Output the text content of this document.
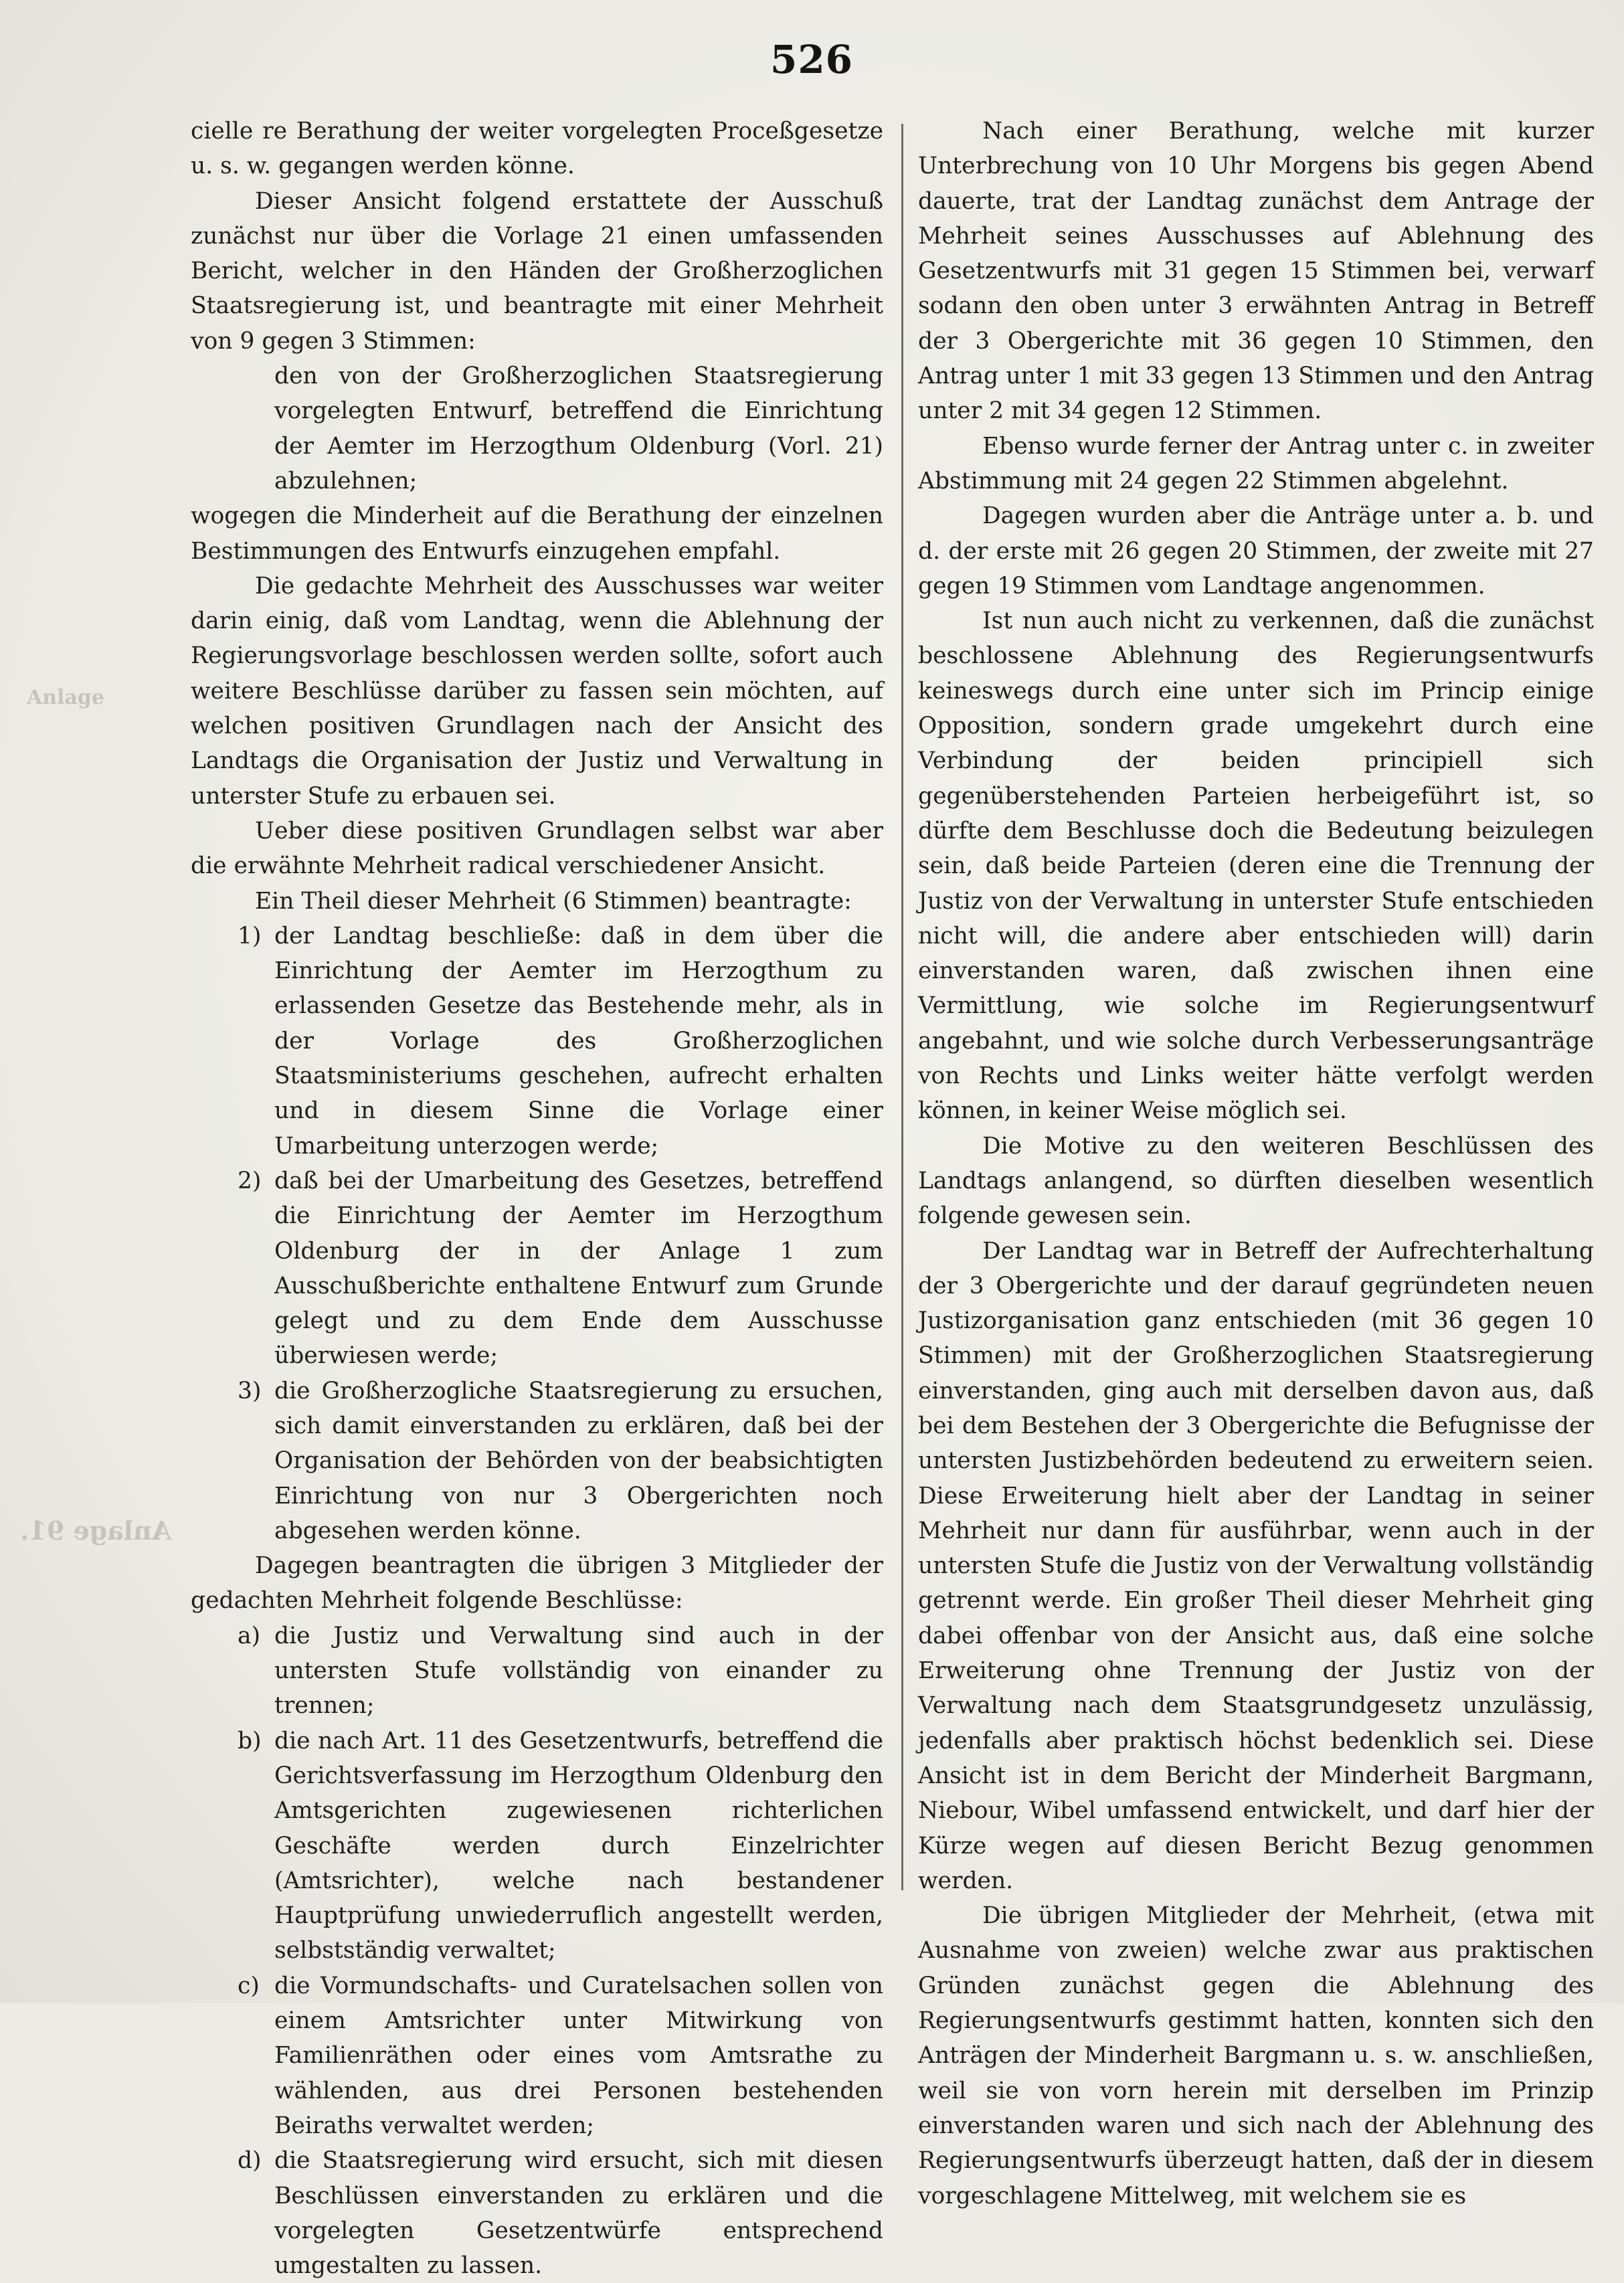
Anlage
Anlage 91.
526

cielle re Berathung der weiter vorgelegten Proceßgesetze u. s. w. gegangen werden könne.

Dieser Ansicht folgend erstattete der Ausschuß zunächst nur über die Vorlage 21 einen umfassenden Bericht, welcher in den Händen der Großherzoglichen Staatsregierung ist, und beantragte mit einer Mehrheit von 9 gegen 3 Stimmen:

den von der Großherzoglichen Staatsregierung vorgelegten Entwurf, betreffend die Einrichtung der Aemter im Herzogthum Oldenburg (Vorl. 21) abzulehnen;

wogegen die Minderheit auf die Berathung der einzelnen Bestimmungen des Entwurfs einzugehen empfahl.

Die gedachte Mehrheit des Ausschusses war weiter darin einig, daß vom Landtag, wenn die Ablehnung der Regierungsvorlage beschlossen werden sollte, sofort auch weitere Beschlüsse darüber zu fassen sein möchten, auf welchen positiven Grundlagen nach der Ansicht des Landtags die Organisation der Justiz und Verwaltung in unterster Stufe zu erbauen sei.

Ueber diese positiven Grundlagen selbst war aber die erwähnte Mehrheit radical verschiedener Ansicht.

Ein Theil dieser Mehrheit (6 Stimmen) beantragte:

1) der Landtag beschließe: daß in dem über die Einrichtung der Aemter im Herzogthum zu erlassenden Gesetze das Bestehende mehr, als in der Vorlage des Großherzoglichen Staatsministeriums geschehen, aufrecht erhalten und in diesem Sinne die Vorlage einer Umarbeitung unterzogen werde;
2) daß bei der Umarbeitung des Gesetzes, betreffend die Einrichtung der Aemter im Herzogthum Oldenburg der in der Anlage 1 zum Ausschußberichte enthaltene Entwurf zum Grunde gelegt und zu dem Ende dem Ausschusse überwiesen werde;
3) die Großherzogliche Staatsregierung zu ersuchen, sich damit einverstanden zu erklären, daß bei der Organisation der Behörden von der beabsichtigten Einrichtung von nur 3 Obergerichten noch abgesehen werden könne.

Dagegen beantragten die übrigen 3 Mitglieder der gedachten Mehrheit folgende Beschlüsse:

a) die Justiz und Verwaltung sind auch in der untersten Stufe vollständig von einander zu trennen;
b) die nach Art. 11 des Gesetzentwurfs, betreffend die Gerichtsverfassung im Herzogthum Oldenburg den Amtsgerichten zugewiesenen richterlichen Geschäfte werden durch Einzelrichter (Amtsrichter), welche nach bestandener Hauptprüfung unwiederruflich angestellt werden, selbstständig verwaltet;
c) die Vormundschafts- und Curatelsachen sollen von einem Amtsrichter unter Mitwirkung von Familienräthen oder eines vom Amtsrathe zu wählenden, aus drei Personen bestehenden Beiraths verwaltet werden;
d) die Staatsregierung wird ersucht, sich mit diesen Beschlüssen einverstanden zu erklären und die vorgelegten Gesetzentwürfe entsprechend umgestalten zu lassen.

Nach einer Berathung, welche mit kurzer Unterbrechung von 10 Uhr Morgens bis gegen Abend dauerte, trat der Landtag zunächst dem Antrage der Mehrheit seines Ausschusses auf Ablehnung des Gesetzentwurfs mit 31 gegen 15 Stimmen bei, verwarf sodann den oben unter 3 erwähnten Antrag in Betreff der 3 Obergerichte mit 36 gegen 10 Stimmen, den Antrag unter 1 mit 33 gegen 13 Stimmen und den Antrag unter 2 mit 34 gegen 12 Stimmen.

Ebenso wurde ferner der Antrag unter c. in zweiter Abstimmung mit 24 gegen 22 Stimmen abgelehnt.

Dagegen wurden aber die Anträge unter a. b. und d. der erste mit 26 gegen 20 Stimmen, der zweite mit 27 gegen 19 Stimmen vom Landtage angenommen.

Ist nun auch nicht zu verkennen, daß die zunächst beschlossene Ablehnung des Regierungsentwurfs keineswegs durch eine unter sich im Princip einige Opposition, sondern grade umgekehrt durch eine Verbindung der beiden principiell sich gegenüberstehenden Parteien herbeigeführt ist, so dürfte dem Beschlusse doch die Bedeutung beizulegen sein, daß beide Parteien (deren eine die Trennung der Justiz von der Verwaltung in unterster Stufe entschieden nicht will, die andere aber entschieden will) darin einverstanden waren, daß zwischen ihnen eine Vermittlung, wie solche im Regierungsentwurf angebahnt, und wie solche durch Verbesserungsanträge von Rechts und Links weiter hätte verfolgt werden können, in keiner Weise möglich sei.

Die Motive zu den weiteren Beschlüssen des Landtags anlangend, so dürften dieselben wesentlich folgende gewesen sein.

Der Landtag war in Betreff der Aufrechterhaltung der 3 Obergerichte und der darauf gegründeten neuen Justizorganisation ganz entschieden (mit 36 gegen 10 Stimmen) mit der Großherzoglichen Staatsregierung einverstanden, ging auch mit derselben davon aus, daß bei dem Bestehen der 3 Obergerichte die Befugnisse der untersten Justizbehörden bedeutend zu erweitern seien. Diese Erweiterung hielt aber der Landtag in seiner Mehrheit nur dann für ausführbar, wenn auch in der untersten Stufe die Justiz von der Verwaltung vollständig getrennt werde. Ein großer Theil dieser Mehrheit ging dabei offenbar von der Ansicht aus, daß eine solche Erweiterung ohne Trennung der Justiz von der Verwaltung nach dem Staatsgrundgesetz unzulässig, jedenfalls aber praktisch höchst bedenklich sei. Diese Ansicht ist in dem Bericht der Minderheit Bargmann, Niebour, Wibel umfassend entwickelt, und darf hier der Kürze wegen auf diesen Bericht Bezug genommen werden.

Die übrigen Mitglieder der Mehrheit, (etwa mit Ausnahme von zweien) welche zwar aus praktischen Gründen zunächst gegen die Ablehnung des Regierungsentwurfs gestimmt hatten, konnten sich den Anträgen der Minderheit Bargmann u. s. w. anschließen, weil sie von vorn herein mit derselben im Prinzip einverstanden waren und sich nach der Ablehnung des Regierungsentwurfs überzeugt hatten, daß der in diesem vorgeschlagene Mittelweg, mit welchem sie es
